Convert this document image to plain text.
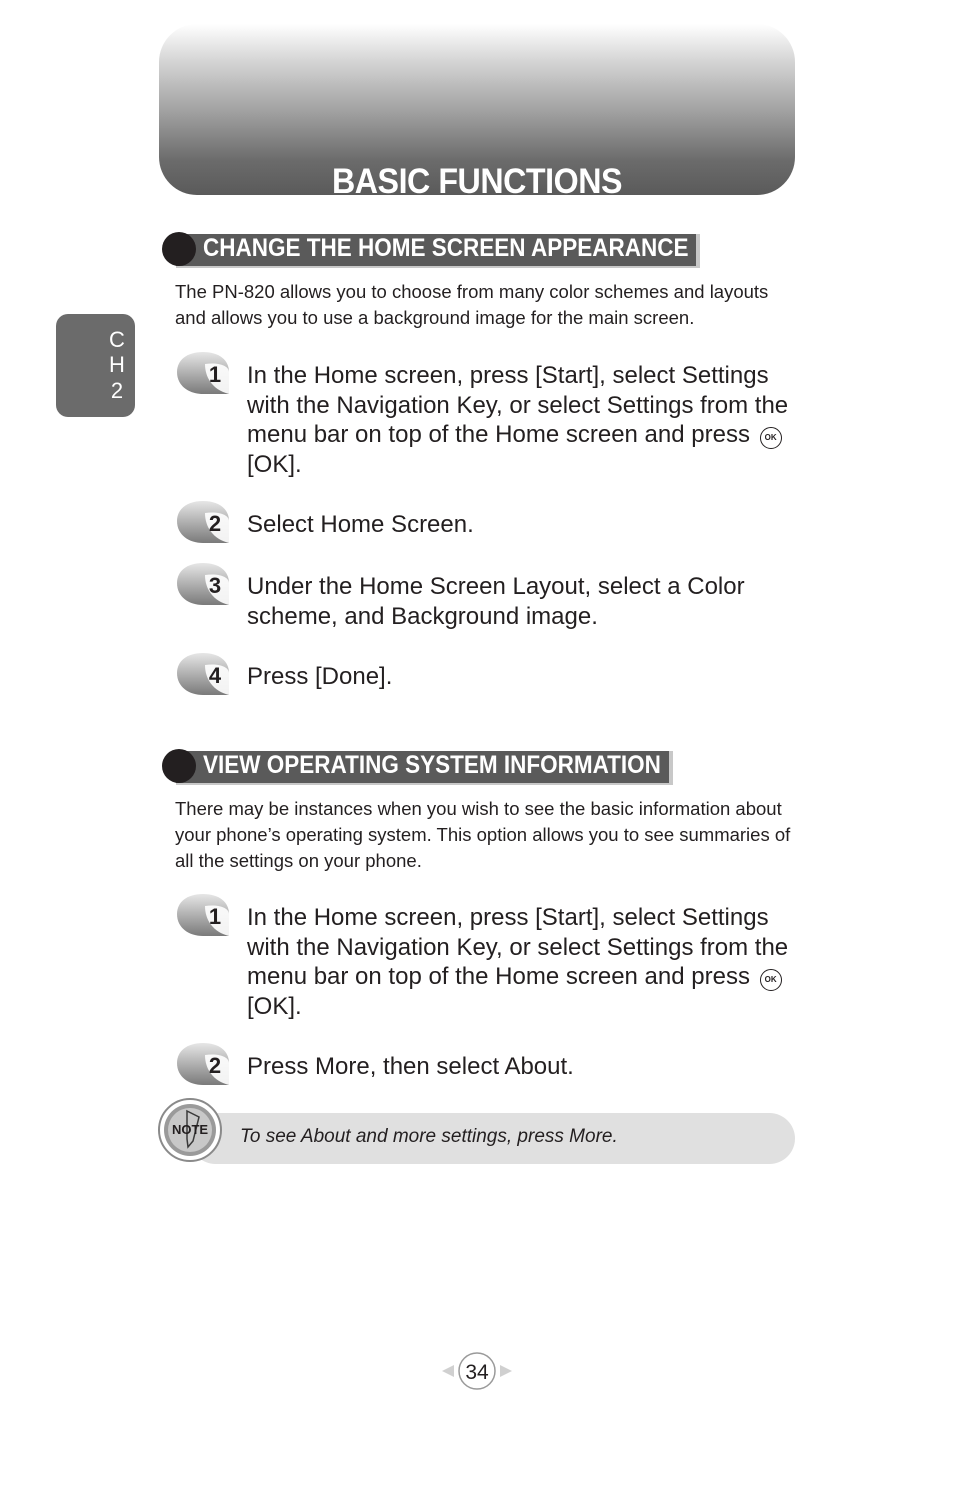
BASIC FUNCTIONS
C
H
2
CHANGE THE HOME SCREEN APPEARANCE
The PN-820 allows you to choose from many color schemes and layouts and allows you to use a background image for the main screen.
1 In the Home screen, press [Start], select Settings with the Navigation Key, or select Settings from the menu bar on top of the Home screen and press OK [OK].
2 Select Home Screen.
3 Under the Home Screen Layout, select a Color scheme, and Background image.
4 Press [Done].
VIEW OPERATING SYSTEM INFORMATION
There may be instances when you wish to see the basic information about your phone’s operating system. This option allows you to see summaries of all the settings on your phone.
1 In the Home screen, press [Start], select Settings with the Navigation Key, or select Settings from the menu bar on top of the Home screen and press OK [OK].
2 Press More, then select About.
To see About and more settings, press More.
NOTE
34
